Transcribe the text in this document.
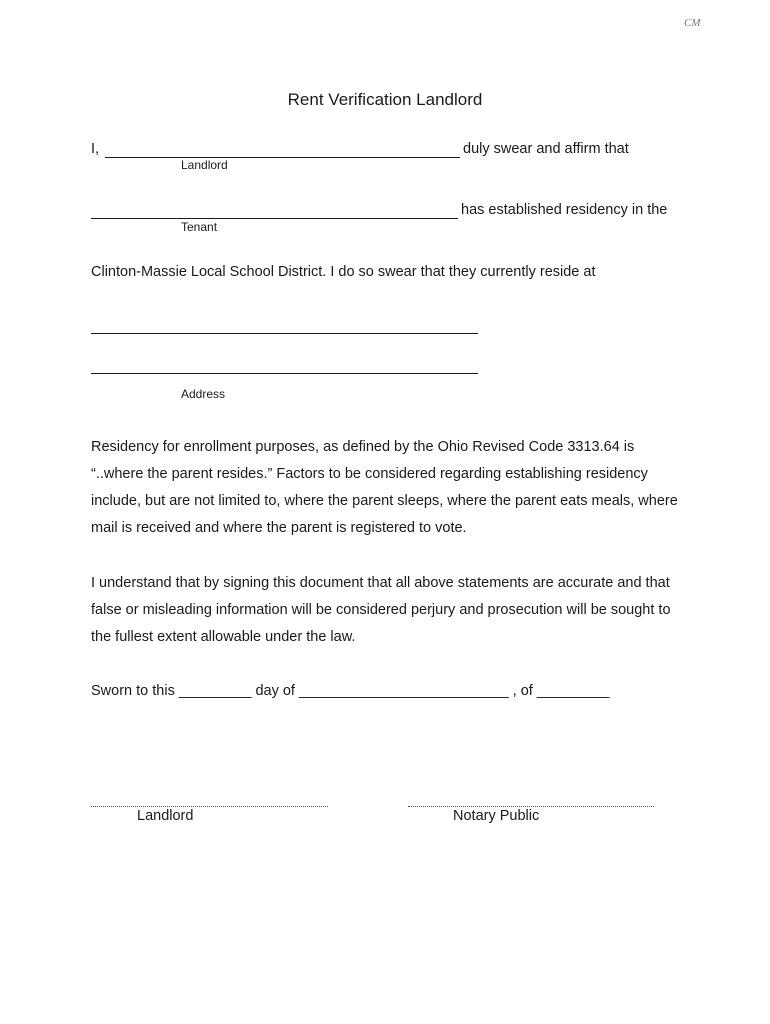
CM
Rent Verification Landlord
I,	duly swear and affirm that
Landlord
has established residency in the
Tenant
Clinton-Massie Local School District. I do so swear that they currently reside at
Address
Residency for enrollment purposes, as defined by the Ohio Revised Code 3313.64 is
“..where the parent resides.” Factors to be considered regarding establishing residency
include, but are not limited to, where the parent sleeps, where the parent eats meals, where
mail is received and where the parent is registered to vote.
I understand that by signing this document that all above statements are accurate and that
false or misleading information will be considered perjury and prosecution will be sought to
the fullest extent allowable under the law.
Sworn to this _________ day of __________________________ , of _________
Landlord	Notary Public
